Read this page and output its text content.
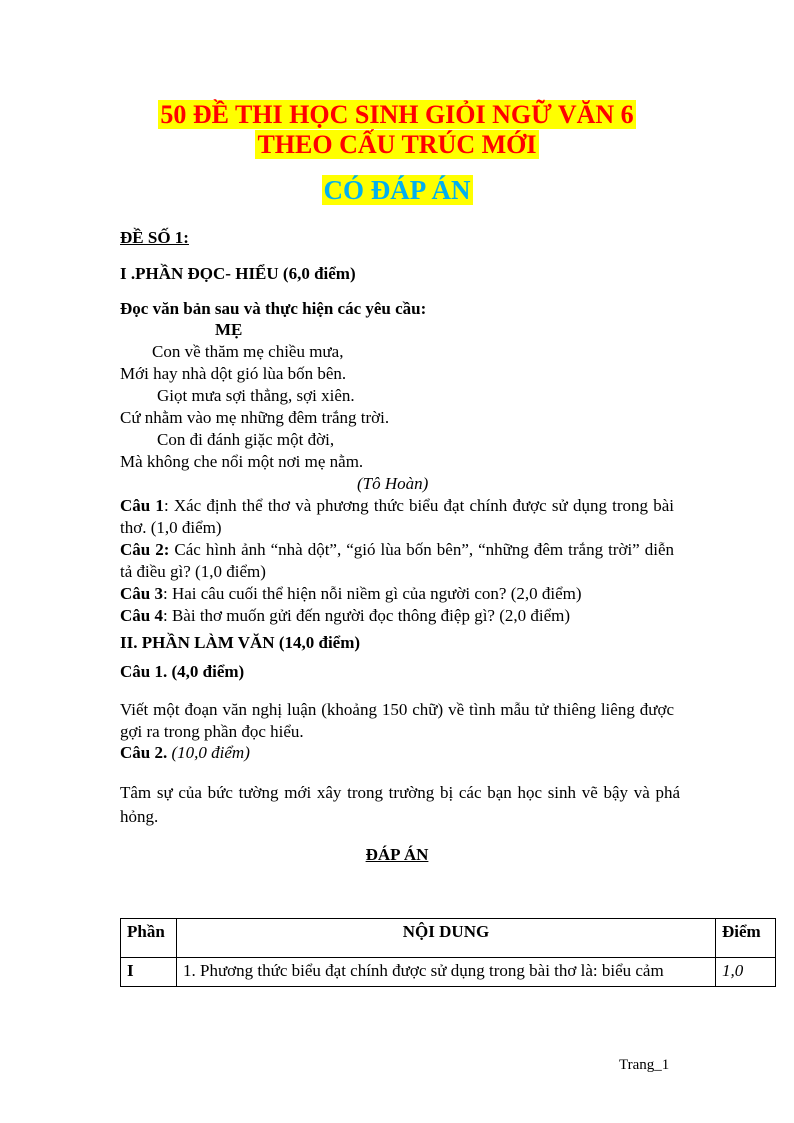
50 ĐỀ THI HỌC SINH GIỎI NGỮ VĂN 6
THEO CẤU TRÚC MỚI
CÓ ĐÁP ÁN
ĐỀ SỐ 1:
I .PHẦN ĐỌC- HIỂU (6,0 điểm)
Đọc văn bản sau và thực hiện các yêu cầu:
MẸ
Con về thăm mẹ chiều mưa,
Mới hay nhà dột gió lùa bốn bên.
Giọt mưa sợi thẳng, sợi xiên.
Cứ nhằm vào mẹ những đêm trắng trời.
Con đi đánh giặc một đời,
Mà không che nổi một nơi mẹ nằm.
(Tô Hoàn)
Câu 1: Xác định thể thơ và phương thức biểu đạt chính được sử dụng trong bài thơ. (1,0 điểm)
Câu 2: Các hình ảnh “nhà dột”, “gió lùa bốn bên”, “những đêm trắng trời” diễn tả điều gì? (1,0 điểm)
Câu 3: Hai câu cuối thể hiện nỗi niềm gì của người con? (2,0 điểm)
Câu 4: Bài thơ muốn gửi đến người đọc thông điệp gì? (2,0 điểm)
II. PHẦN LÀM VĂN (14,0 điểm)
Câu 1. (4,0 điểm)
Viết một đoạn văn nghị luận (khoảng 150 chữ) về tình mẫu tử thiêng liêng được gợi ra trong phần đọc hiểu.
Câu 2. (10,0 điểm)
Tâm sự của bức tường mới xây trong trường bị các bạn học sinh vẽ bậy và phá hỏng.
ĐÁP ÁN
Phần	NỘI DUNG	Điểm
I	1. Phương thức biểu đạt chính được sử dụng trong bài thơ là: biểu cảm	1,0
Trang_1
